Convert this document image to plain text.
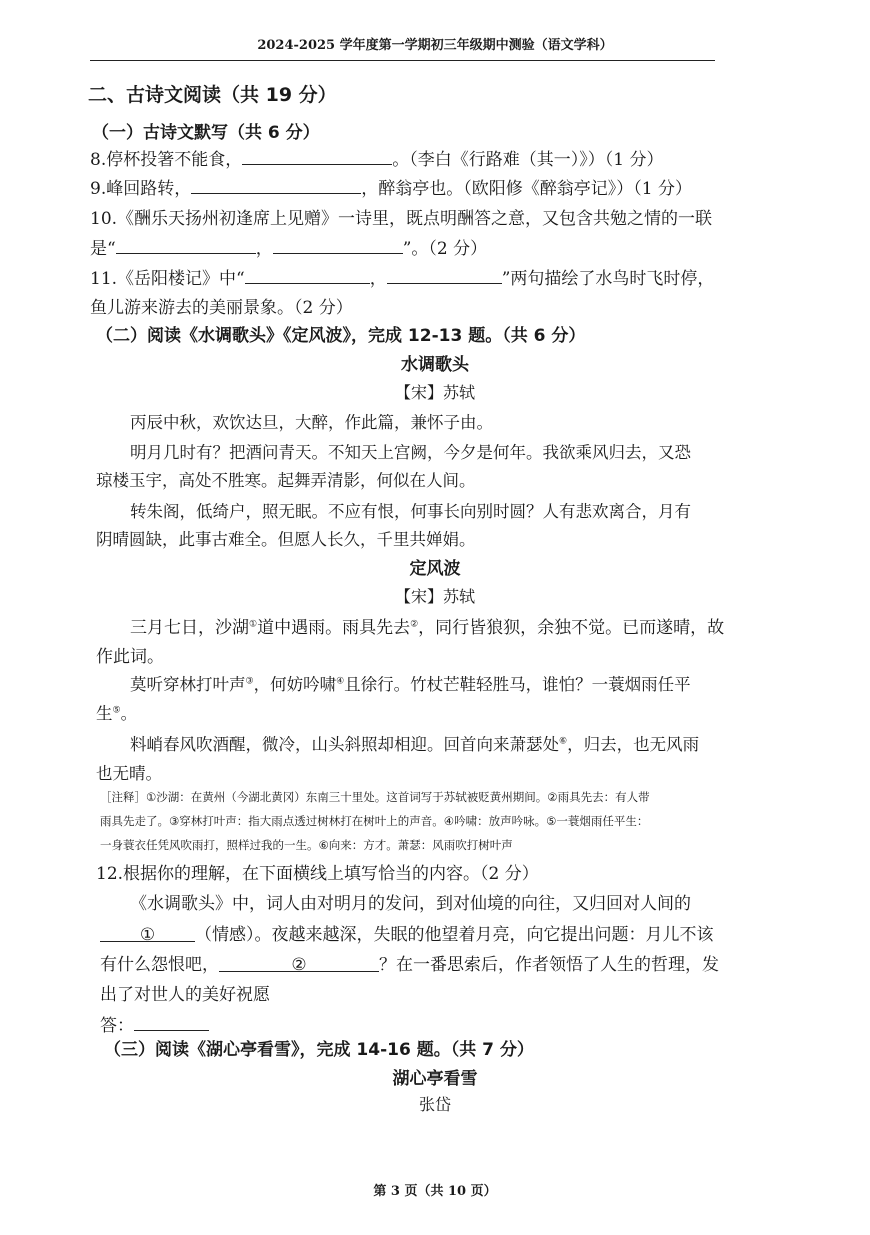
2024-2025 学年度第一学期初三年级期中测验（语文学科）
二、古诗文阅读（共 19 分）
（一）古诗文默写（共 6 分）
8.停杯投箸不能食，	。（李白《行路难（其一）》）（1 分）
9.峰回路转，	，醉翁亭也。（欧阳修《醉翁亭记》）（1 分）
10.《酬乐天扬州初逢席上见赠》一诗里，既点明酬答之意，又包含共勉之情的一联
是“	，	”。（2 分）
11.《岳阳楼记》中“	，	”两句描绘了水鸟时飞时停，
鱼儿游来游去的美丽景象。（2 分）
（二）阅读《水调歌头》《定风波》，完成 12-13 题。（共 6 分）
水调歌头
【宋】苏轼
丙辰中秋，欢饮达旦，大醉，作此篇，兼怀子由。
明月几时有？把酒问青天。不知天上宫阙，今夕是何年。我欲乘风归去，又恐
琼楼玉宇，高处不胜寒。起舞弄清影，何似在人间。
转朱阁，低绮户，照无眠。不应有恨，何事长向别时圆？人有悲欢离合，月有
阴晴圆缺，此事古难全。但愿人长久，千里共婵娟。
定风波
【宋】苏轼
三月七日，沙湖①道中遇雨。雨具先去②，同行皆狼狈，余独不觉。已而遂晴，故
作此词。
莫听穿林打叶声③，何妨吟啸④且徐行。竹杖芒鞋轻胜马，谁怕？一蓑烟雨任平
生⑤。
料峭春风吹酒醒，微冷，山头斜照却相迎。回首向来萧瑟处⑥，归去，也无风雨
也无晴。
［注释］①沙湖：在黄州（今湖北黄冈）东南三十里处。这首词写于苏轼被贬黄州期间。②雨具先去：有人带
雨具先走了。③穿林打叶声：指大雨点透过树林打在树叶上的声音。④吟啸：放声吟咏。⑤一蓑烟雨任平生：
一身蓑衣任凭风吹雨打，照样过我的一生。⑥向来：方才。萧瑟：风雨吹打树叶声
12.根据你的理解，在下面横线上填写恰当的内容。（2 分）
《水调歌头》中，词人由对明月的发问，到对仙境的向往，又归回对人间的
① （情感）。夜越来越深，失眠的他望着月亮，向它提出问题：月儿不该
有什么怨恨吧，	②	？在一番思索后，作者领悟了人生的哲理，发
出了对世人的美好祝愿
答：
（三）阅读《湖心亭看雪》，完成 14-16 题。（共 7 分）
湖心亭看雪
张岱
第 3 页（共 10 页）
